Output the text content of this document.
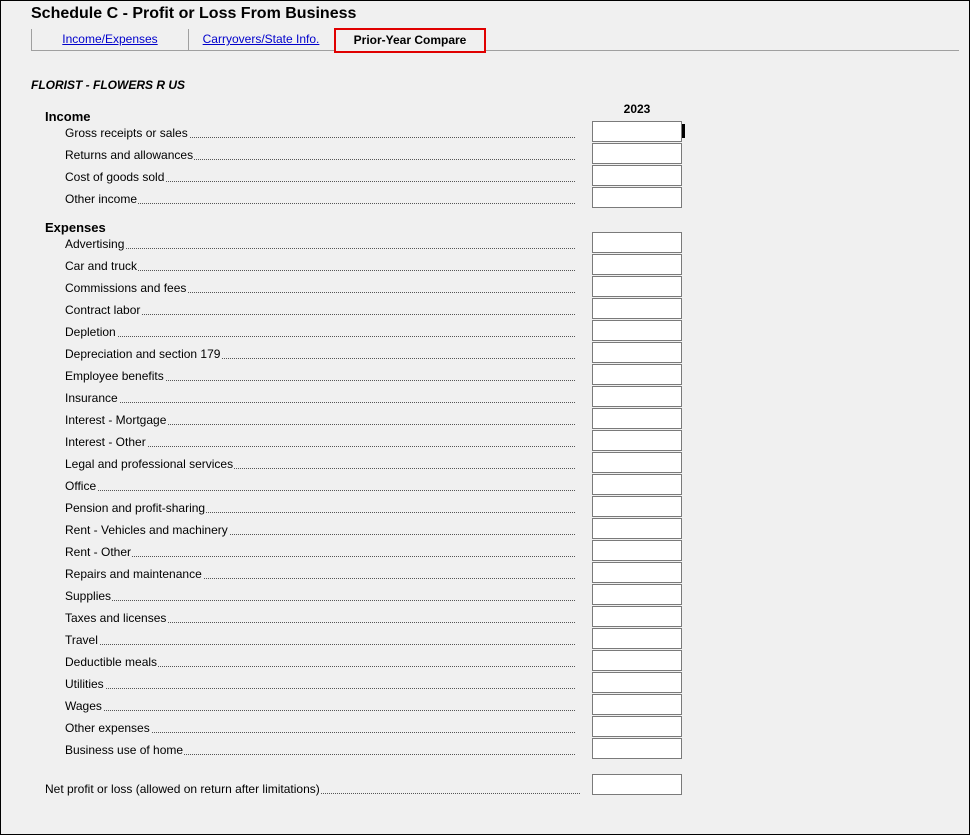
Schedule C - Profit or Loss From Business
Income/Expenses	Carryovers/State Info.	Prior-Year Compare
FLORIST - FLOWERS R US
2023
Income
Expenses
Net profit or loss (allowed on return after limitations)
Gross receipts or sales
Returns and allowances
Cost of goods sold
Other income
Advertising
Car and truck
Commissions and fees
Contract labor
Depletion
Depreciation and section 179
Employee benefits
Insurance
Interest - Mortgage
Interest - Other
Legal and professional services
Office
Pension and profit-sharing
Rent - Vehicles and machinery
Rent - Other
Repairs and maintenance
Supplies
Taxes and licenses
Travel
Deductible meals
Utilities
Wages
Other expenses
Business use of home
